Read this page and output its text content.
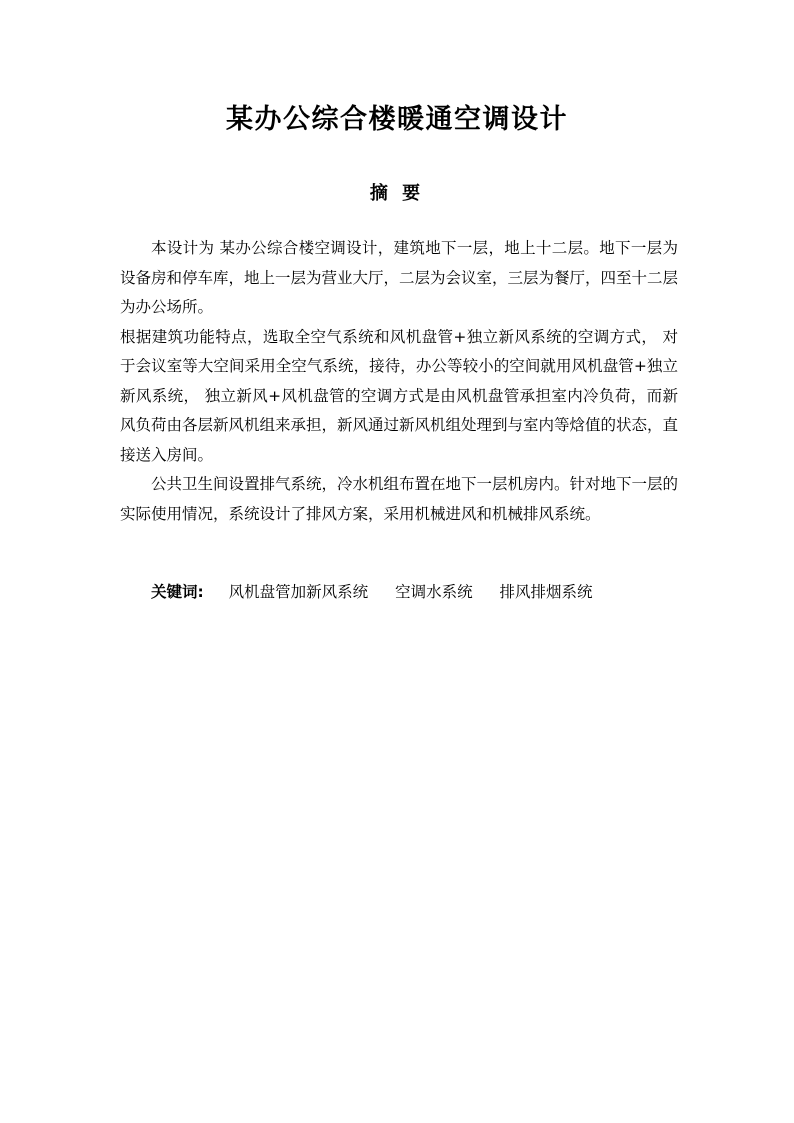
某办公综合楼暖通空调设计
摘 要

本设计为 某办公综合楼空调设计，建筑地下一层，地上十二层。地下一层为设备房和停车库，地上一层为营业大厅，二层为会议室，三层为餐厅，四至十二层为办公场所。

根据建筑功能特点，选取全空气系统和风机盘管+独立新风系统的空调方式， 对于会议室等大空间采用全空气系统，接待，办公等较小的空间就用风机盘管+独立新风系统， 独立新风+风机盘管的空调方式是由风机盘管承担室内冷负荷，而新风负荷由各层新风机组来承担，新风通过新风机组处理到与室内等焓值的状态，直接送入房间。

公共卫生间设置排气系统，冷水机组布置在地下一层机房内。针对地下一层的实际使用情况，系统设计了排风方案，采用机械进风和机械排风系统。

关键词: 风机盘管加新风系统 空调水系统 排风排烟系统
